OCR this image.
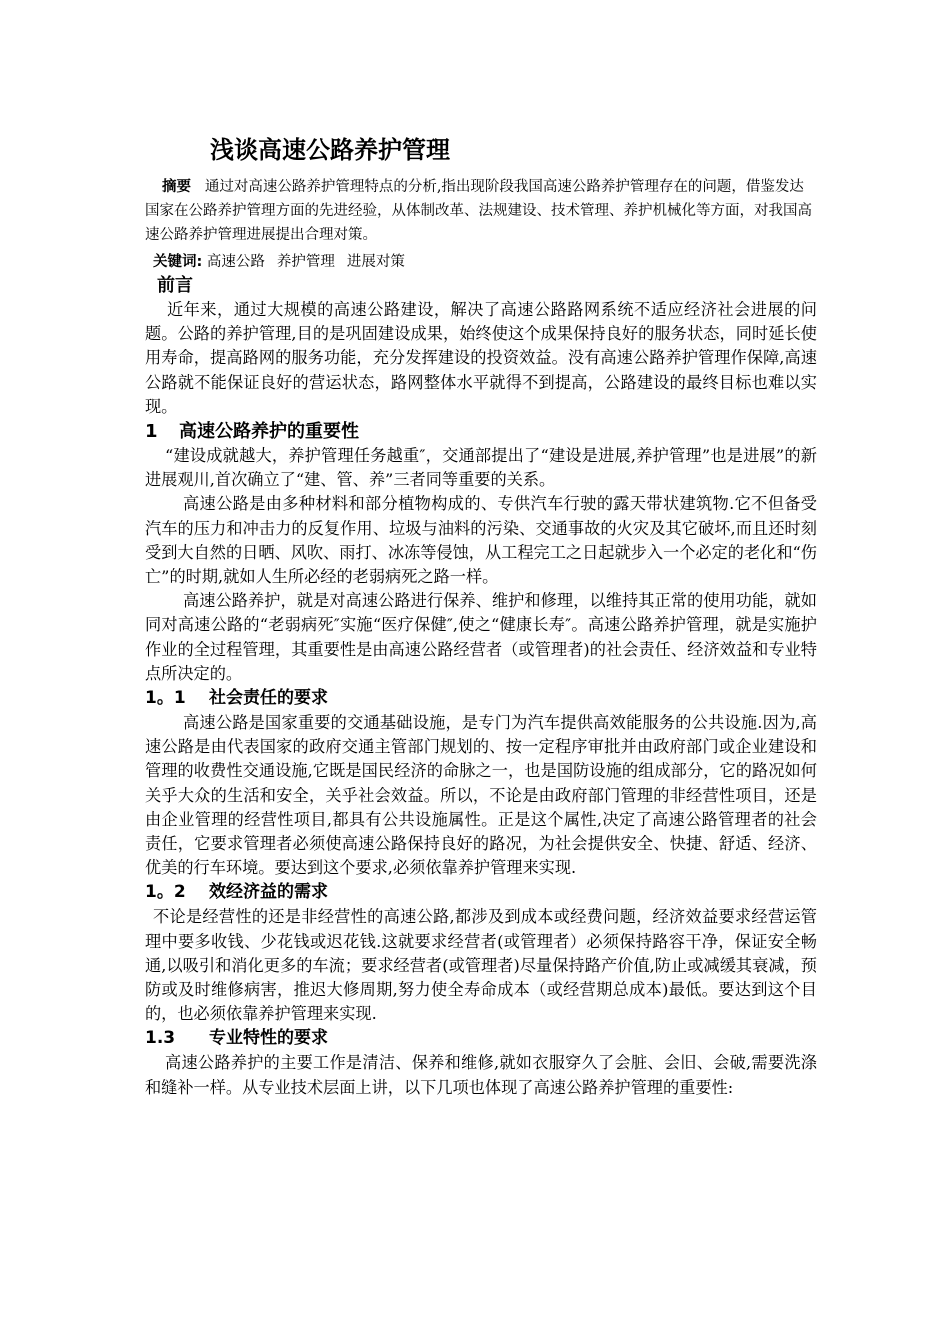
浅谈高速公路养护管理

摘要 通过对高速公路养护管理特点的分析,指出现阶段我国高速公路养护管理存在的问题，借鉴发达国家在公路养护管理方面的先进经验，从体制改革、法规建设、技术管理、养护机械化等方面，对我国高速公路养护管理进展提出合理对策。

关键词: 高速公路 养护管理 进展对策

前言

近年来，通过大规模的高速公路建设，解决了高速公路路网系统不适应经济社会进展的问题。公路的养护管理,目的是巩固建设成果，始终使这个成果保持良好的服务状态，同时延长使用寿命，提高路网的服务功能，充分发挥建设的投资效益。没有高速公路养护管理作保障,高速公路就不能保证良好的营运状态，路网整体水平就得不到提高，公路建设的最终目标也难以实现。

1 高速公路养护的重要性

“建设成就越大，养护管理任务越重″，交通部提出了“建设是进展,养护管理”也是进展”的新进展观川,首次确立了“建、管、养”三者同等重要的关系。

高速公路是由多种材料和部分植物构成的、专供汽车行驶的露天带状建筑物.它不但备受汽车的压力和冲击力的反复作用、垃圾与油料的污染、交通事故的火灾及其它破坏,而且还时刻受到大自然的日晒、风吹、雨打、冰冻等侵蚀，从工程完工之日起就步入一个必定的老化和“伤亡”的时期,就如人生所必经的老弱病死之路一样。

高速公路养护，就是对高速公路进行保养、维护和修理，以维持其正常的使用功能，就如同对高速公路的“老弱病死″实施“医疗保健″,使之“健康长寿″。高速公路养护管理，就是实施护作业的全过程管理，其重要性是由高速公路经营者（或管理者)的社会责任、经济效益和专业特点所决定的。

1。1 社会责任的要求

高速公路是国家重要的交通基础设施，是专门为汽车提供高效能服务的公共设施.因为,高速公路是由代表国家的政府交通主管部门规划的、按一定程序审批并由政府部门或企业建设和管理的收费性交通设施,它既是国民经济的命脉之一，也是国防设施的组成部分，它的路况如何关乎大众的生活和安全，关乎社会效益。所以，不论是由政府部门管理的非经营性项目，还是由企业管理的经营性项目,都具有公共设施属性。正是这个属性,决定了高速公路管理者的社会责任，它要求管理者必须使高速公路保持良好的路况，为社会提供安全、快捷、舒适、经济、优美的行车环境。要达到这个要求,必须依靠养护管理来实现.

1。2 效经济益的需求

不论是经营性的还是非经营性的高速公路,都涉及到成本或经费问题，经济效益要求经营运管理中要多收钱、少花钱或迟花钱.这就要求经营者(或管理者）必须保持路容干净，保证安全畅通,以吸引和消化更多的车流；要求经营者(或管理者)尽量保持路产价值,防止或减缓其衰减，预防或及时维修病害，推迟大修周期,努力使全寿命成本（或经营期总成本)最低。要达到这个目的，也必须依靠养护管理来实现.

1.3 专业特性的要求

高速公路养护的主要工作是清洁、保养和维修,就如衣服穿久了会脏、会旧、会破,需要洗涤和缝补一样。从专业技术层面上讲，以下几项也体现了高速公路养护管理的重要性:
